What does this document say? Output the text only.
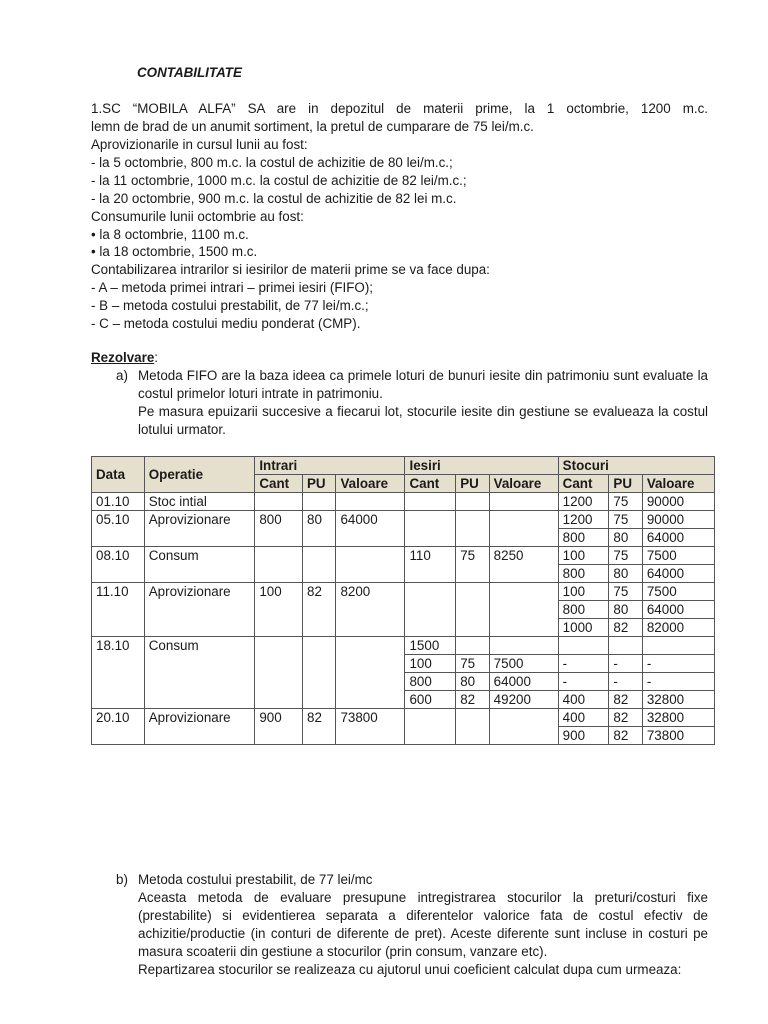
CONTABILITATE
1.SC “MOBILA ALFA” SA are in depozitul de materii prime, la 1 octombrie, 1200 m.c.
lemn de brad de un anumit sortiment, la pretul de cumparare de 75 lei/m.c.
Aprovizionarile in cursul lunii au fost:
- la 5 octombrie, 800 m.c. la costul de achizitie de 80 lei/m.c.;
- la 11 octombrie, 1000 m.c. la costul de achizitie de 82 lei/m.c.;
- la 20 octombrie, 900 m.c. la costul de achizitie de 82 lei m.c.
Consumurile lunii octombrie au fost:
• la 8 octombrie, 1100 m.c.
• la 18 octombrie, 1500 m.c.
Contabilizarea intrarilor si iesirilor de materii prime se va face dupa:
- A – metoda primei intrari – primei iesiri (FIFO);
- B – metoda costului prestabilit, de 77 lei/m.c.;
- C – metoda costului mediu ponderat (CMP).
Rezolvare:
a) Metoda FIFO are la baza ideea ca primele loturi de bunuri iesite din patrimoniu sunt evaluate la costul primelor loturi intrate in patrimoniu.

Pe masura epuizarii succesive a fiecarui lot, stocurile iesite din gestiune se evalueaza la costul lotului urmator.

Data	Operatie	Intrari			Iesiri			Stocuri		
		Cant	PU	Valoare	Cant	PU	Valoare	Cant	PU	Valoare
01.10	Stoc intial							1200	75	90000
05.10	Aprovizionare	800	80	64000				1200	75	90000
								800	80	64000
08.10	Consum				110	75	8250	100	75	7500
								800	80	64000
11.10	Aprovizionare	100	82	8200				100	75	7500
								800	80	64000
								1000	82	82000
18.10	Consum				1500					
					100	75	7500	-	-	-
					800	80	64000	-	-	-
					600	82	49200	400	82	32800
20.10	Aprovizionare	900	82	73800				400	82	32800
								900	82	73800
b) Metoda costului prestabilit, de 77 lei/mc

Aceasta metoda de evaluare presupune intregistrarea stocurilor la preturi/costuri fixe (prestabilite) si evidentierea separata a diferentelor valorice fata de costul efectiv de achizitie/productie (in conturi de diferente de pret). Aceste diferente sunt incluse in costuri pe masura scoaterii din gestiune a stocurilor (prin consum, vanzare etc).

Repartizarea stocurilor se realizeaza cu ajutorul unui coeficient calculat dupa cum urmeaza:
